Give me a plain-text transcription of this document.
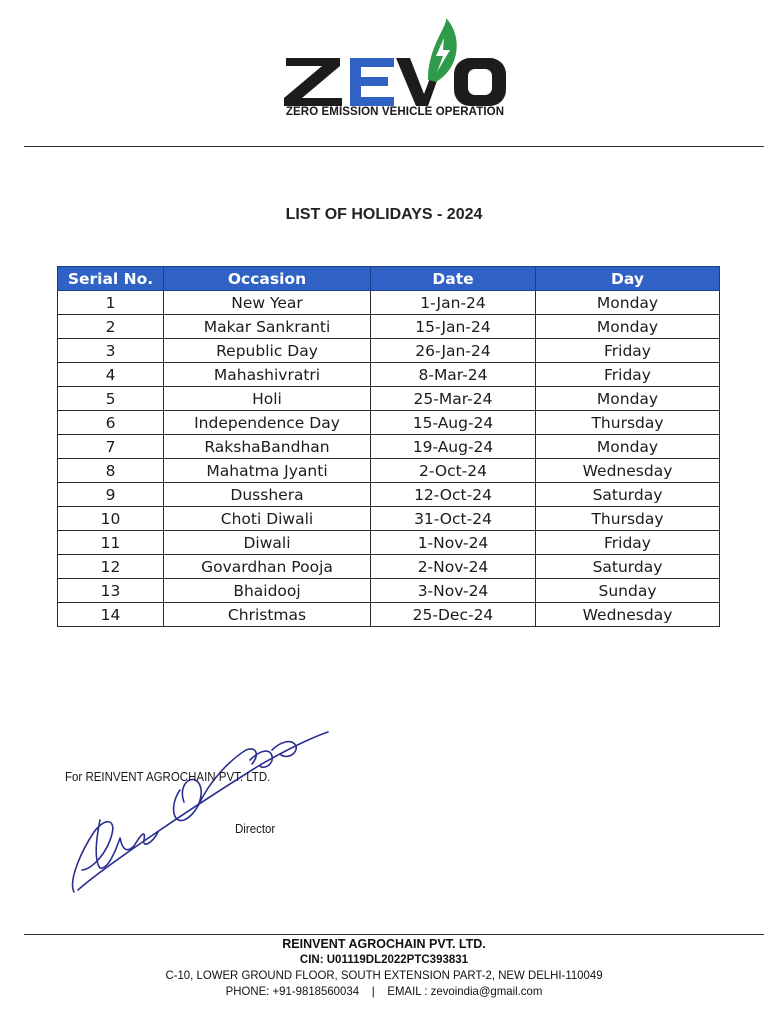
ZERO EMISSION VEHICLE OPERATION
LIST OF HOLIDAYS - 2024
Serial No.	Occasion	Date	Day
1	New Year	1-Jan-24	Monday
2	Makar Sankranti	15-Jan-24	Monday
3	Republic Day	26-Jan-24	Friday
4	Mahashivratri	8-Mar-24	Friday
5	Holi	25-Mar-24	Monday
6	Independence Day	15-Aug-24	Thursday
7	RakshaBandhan	19-Aug-24	Monday
8	Mahatma Jyanti	2-Oct-24	Wednesday
9	Dusshera	12-Oct-24	Saturday
10	Choti Diwali	31-Oct-24	Thursday
11	Diwali	1-Nov-24	Friday
12	Govardhan Pooja	2-Nov-24	Saturday
13	Bhaidooj	3-Nov-24	Sunday
14	Christmas	25-Dec-24	Wednesday
For REINVENT AGROCHAIN PVT. LTD.
Director
REINVENT AGROCHAIN PVT. LTD.
CIN: U01119DL2022PTC393831
C-10, LOWER GROUND FLOOR, SOUTH EXTENSION PART-2, NEW DELHI-110049
PHONE: +91-9818560034 | EMAIL : zevoindia@gmail.com
